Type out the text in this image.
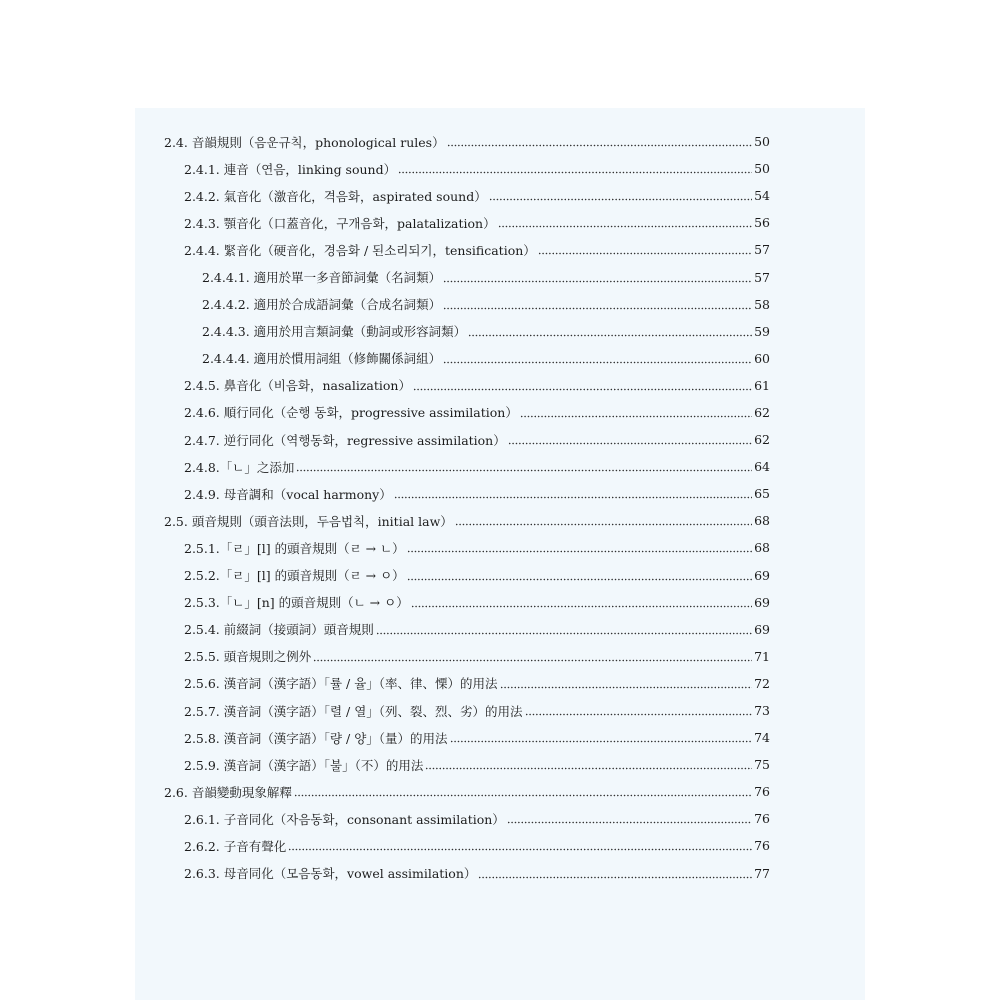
2.4. 音韻規則（음운규칙，phonological rules）	50
2.4.1. 連音（연음，linking sound）	50
2.4.2. 氣音化（激音化，격음화，aspirated sound）	54
2.4.3. 顎音化（口蓋音化，구개음화，palatalization）	56
2.4.4. 緊音化（硬音化，경음화 / 된소리되기，tensification）	57
2.4.4.1. 適用於單一多音節詞彙（名詞類）	57
2.4.4.2. 適用於合成語詞彙（合成名詞類）	58
2.4.4.3. 適用於用言類詞彙（動詞或形容詞類）	59
2.4.4.4. 適用於慣用詞組（修飾關係詞組）	60
2.4.5. 鼻音化（비음화，nasalization）	61
2.4.6. 順行同化（순행 동화，progressive assimilation）	62
2.4.7. 逆行同化（역행동화，regressive assimilation）	62
2.4.8.「ㄴ」之添加	64
2.4.9. 母音調和（vocal harmony）	65
2.5. 頭音規則（頭音法則，두음법칙，initial law）	68
2.5.1.「ㄹ」[l] 的頭音規則（ㄹ → ㄴ）	68
2.5.2.「ㄹ」[l] 的頭音規則（ㄹ → ㅇ）	69
2.5.3.「ㄴ」[n] 的頭音規則（ㄴ → ㅇ）	69
2.5.4. 前綴詞（接頭詞）頭音規則	69
2.5.5. 頭音規則之例外	71
2.5.6. 漢音詞（漢字語）「률 / 율」（率、律、慄）的用法	72
2.5.7. 漢音詞（漢字語）「렬 / 열」（列、裂、烈、劣）的用法	73
2.5.8. 漢音詞（漢字語）「량 / 양」（量）的用法	74
2.5.9. 漢音詞（漢字語）「불」（不）的用法	75
2.6. 音韻變動現象解釋	76
2.6.1. 子音同化（자음동화，consonant assimilation）	76
2.6.2. 子音有聲化	76
2.6.3. 母音同化（모음동화，vowel assimilation）	77
